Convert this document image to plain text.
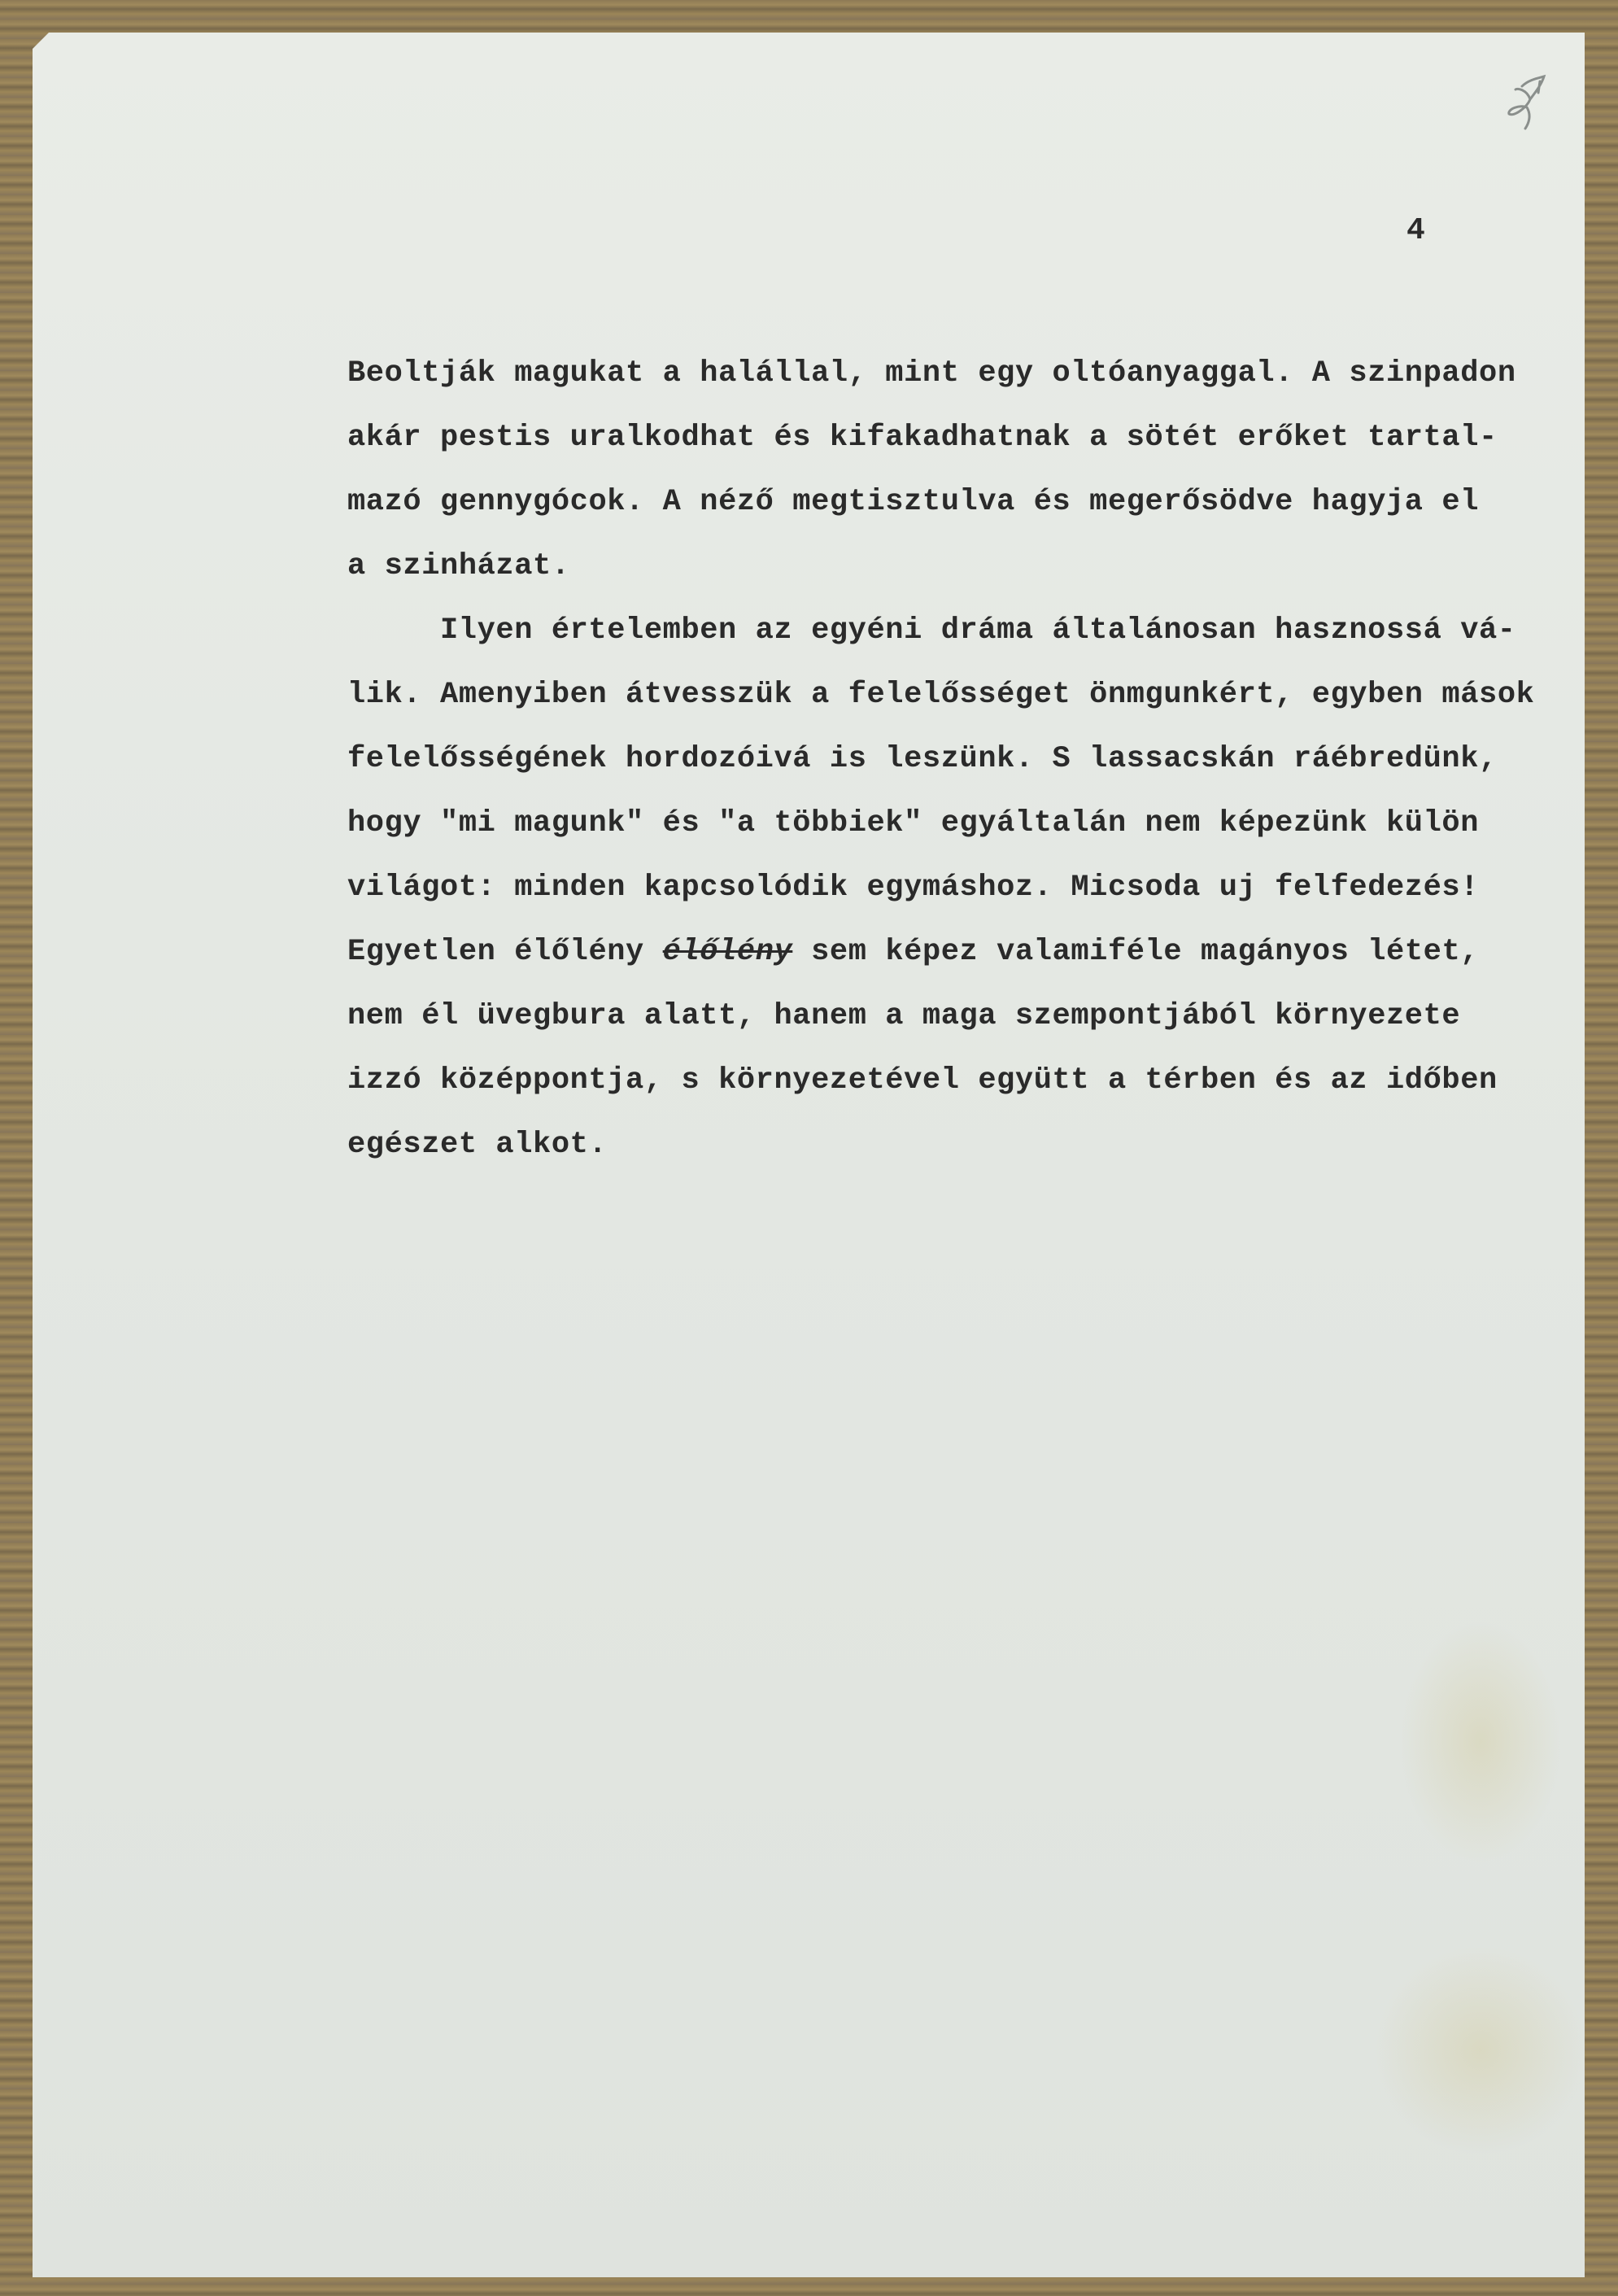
4
Beoltják magukat a halállal, mint egy oltóanyaggal. A szinpadon
akár pestis uralkodhat és kifakadhatnak a sötét erőket tartal-
mazó gennygócok. A néző megtisztulva és megerősödve hagyja el
a szinházat.
Ilyen értelemben az egyéni dráma általánosan hasznossá vá-
lik. Amenyiben átvesszük a felelősséget önmgunkért, egyben mások
felelősségének hordozóivá is leszünk. S lassacskán ráébredünk,
hogy "mi magunk" és "a többiek" egyáltalán nem képezünk külön
világot: minden kapcsolódik egymáshoz. Micsoda uj felfedezés!
Egyetlen élőlény élőlény sem képez valamiféle magányos létet,
nem él üvegbura alatt, hanem a maga szempontjából környezete
izzó középpontja, s környezetével együtt a térben és az időben
egészet alkot.
